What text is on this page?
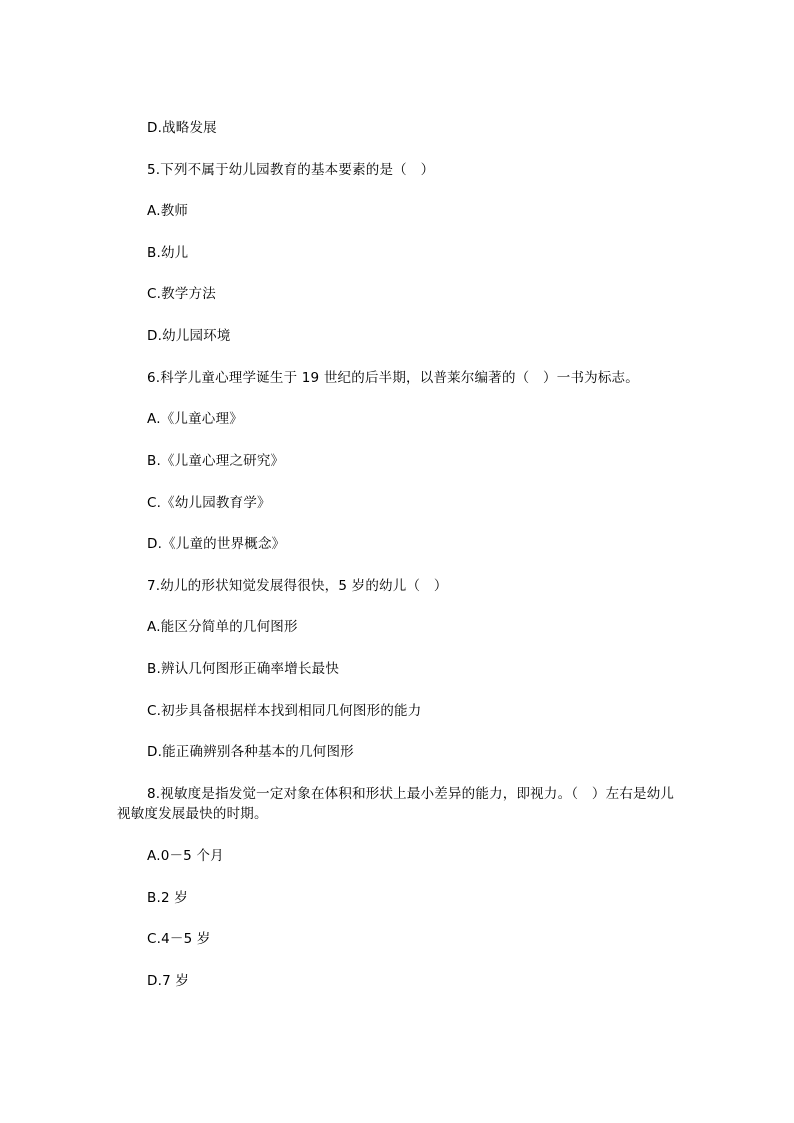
D.战略发展
5.下列不属于幼儿园教育的基本要素的是（　）
A.教师
B.幼儿
C.教学方法
D.幼儿园环境
6.科学儿童心理学诞生于 19 世纪的后半期，以普莱尔编著的（　）一书为标志。
A.《儿童心理》
B.《儿童心理之研究》
C.《幼儿园教育学》
D.《儿童的世界概念》
7.幼儿的形状知觉发展得很快，5 岁的幼儿（　）
A.能区分简单的几何图形
B.辨认几何图形正确率增长最快
C.初步具备根据样本找到相同几何图形的能力
D.能正确辨别各种基本的几何图形
8.视敏度是指发觉一定对象在体积和形状上最小差异的能力，即视力。（　）左右是幼儿视敏度发展最快的时期。
A.0－5 个月
B.2 岁
C.4－5 岁
D.7 岁
